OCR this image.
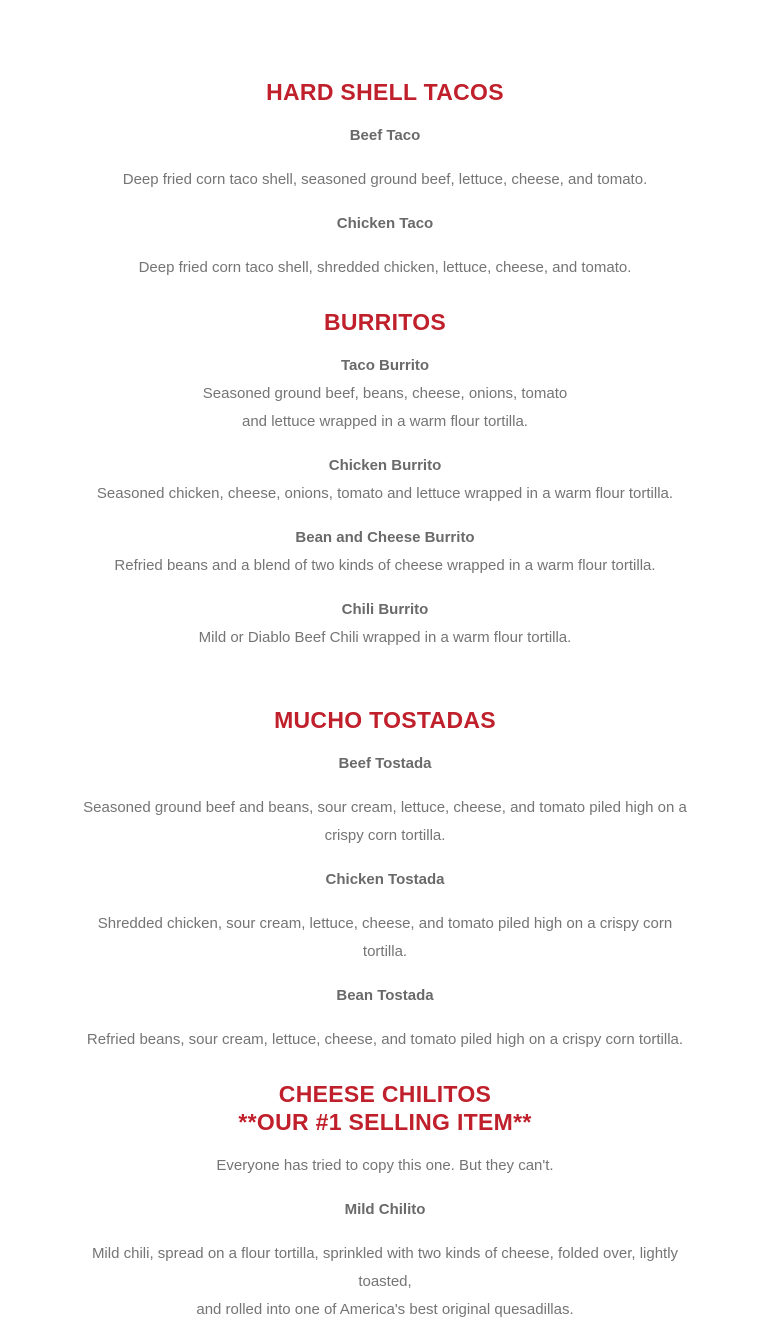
HARD SHELL TACOS

Beef Taco

Deep fried corn taco shell, seasoned ground beef, lettuce, cheese, and tomato.

Chicken Taco

Deep fried corn taco shell, shredded chicken, lettuce, cheese, and tomato.

BURRITOS

Taco Burrito

Seasoned ground beef, beans, cheese, onions, tomato

and lettuce wrapped in a warm flour tortilla.

Chicken Burrito

Seasoned chicken, cheese, onions, tomato and lettuce wrapped in a warm flour tortilla.

Bean and Cheese Burrito

Refried beans and a blend of two kinds of cheese wrapped in a warm flour tortilla.

Chili Burrito

Mild or Diablo Beef Chili wrapped in a warm flour tortilla.

MUCHO TOSTADAS

Beef Tostada

Seasoned ground beef and beans, sour cream, lettuce, cheese, and tomato piled high on a

crispy corn tortilla.

Chicken Tostada

Shredded chicken, sour cream, lettuce, cheese, and tomato piled high on a crispy corn

tortilla.

Bean Tostada

Refried beans, sour cream, lettuce, cheese, and tomato piled high on a crispy corn tortilla.

CHEESE CHILITOS
**OUR #1 SELLING ITEM**

Everyone has tried to copy this one. But they can't.

Mild Chilito

Mild chili, spread on a flour tortilla, sprinkled with two kinds of cheese, folded over, lightly

toasted,

and rolled into one of America's best original quesadillas.
